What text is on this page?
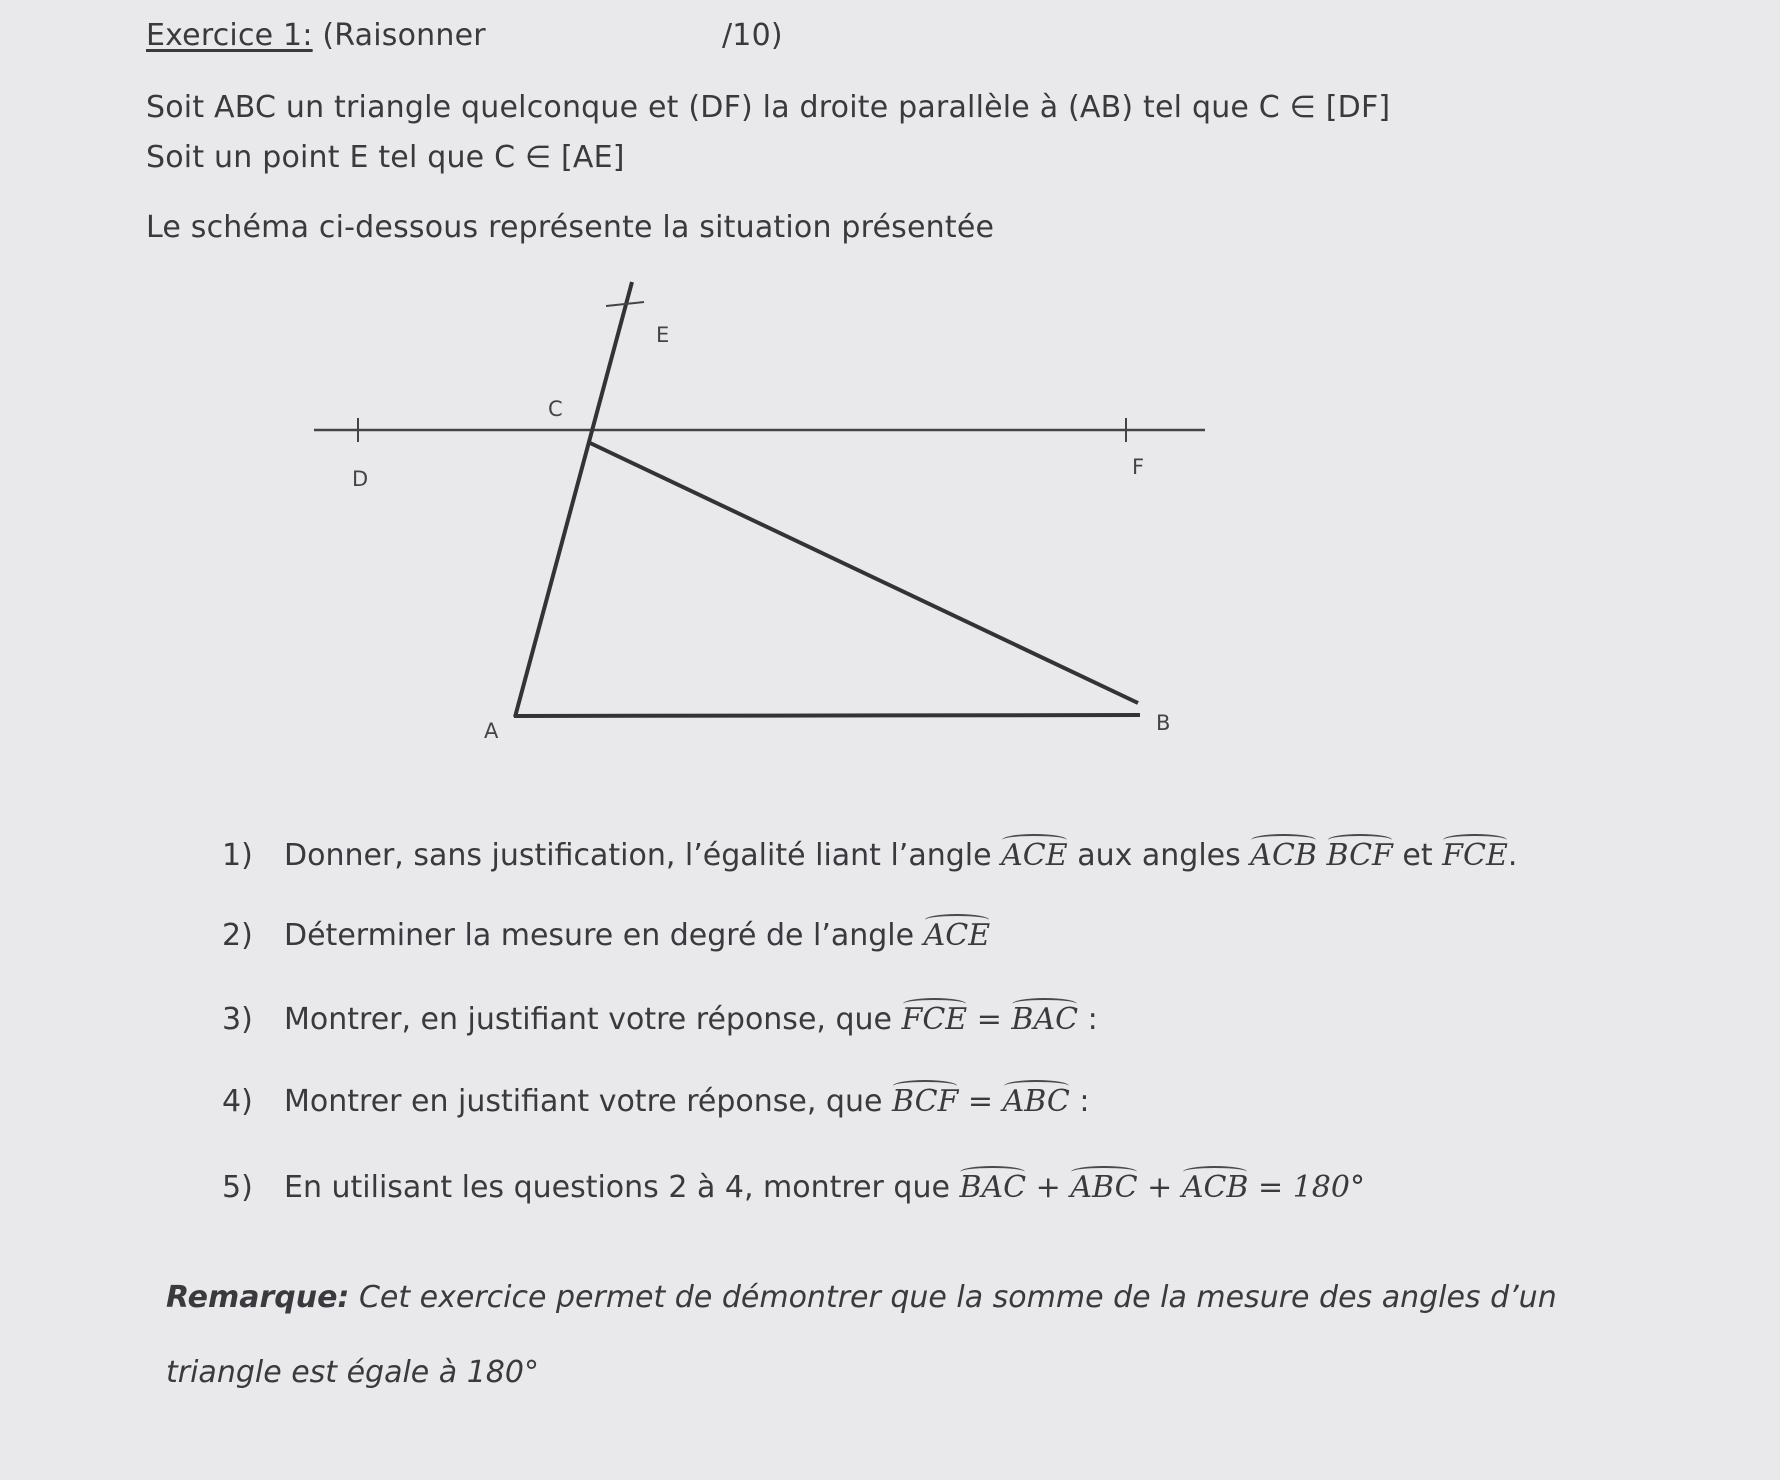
Exercice 1: (Raisonner	/10)
Soit ABC un triangle quelconque et (DF) la droite parallèle à (AB) tel que C ∈ [DF]
Soit un point E tel que C ∈ [AE]
Le schéma ci-dessous représente la situation présentée
E
C
D	F
A	B
1) Donner, sans justification, l’égalité liant l’angle ACE aux angles ACB BCF et FCE.
2) Déterminer la mesure en degré de l’angle ACE
3) Montrer, en justifiant votre réponse, que FCE = BAC :
4) Montrer en justifiant votre réponse, que BCF = ABC :
5) En utilisant les questions 2 à 4, montrer que BAC + ABC + ACB = 180°
Remarque: Cet exercice permet de démontrer que la somme de la mesure des angles d’un
triangle est égale à 180°
